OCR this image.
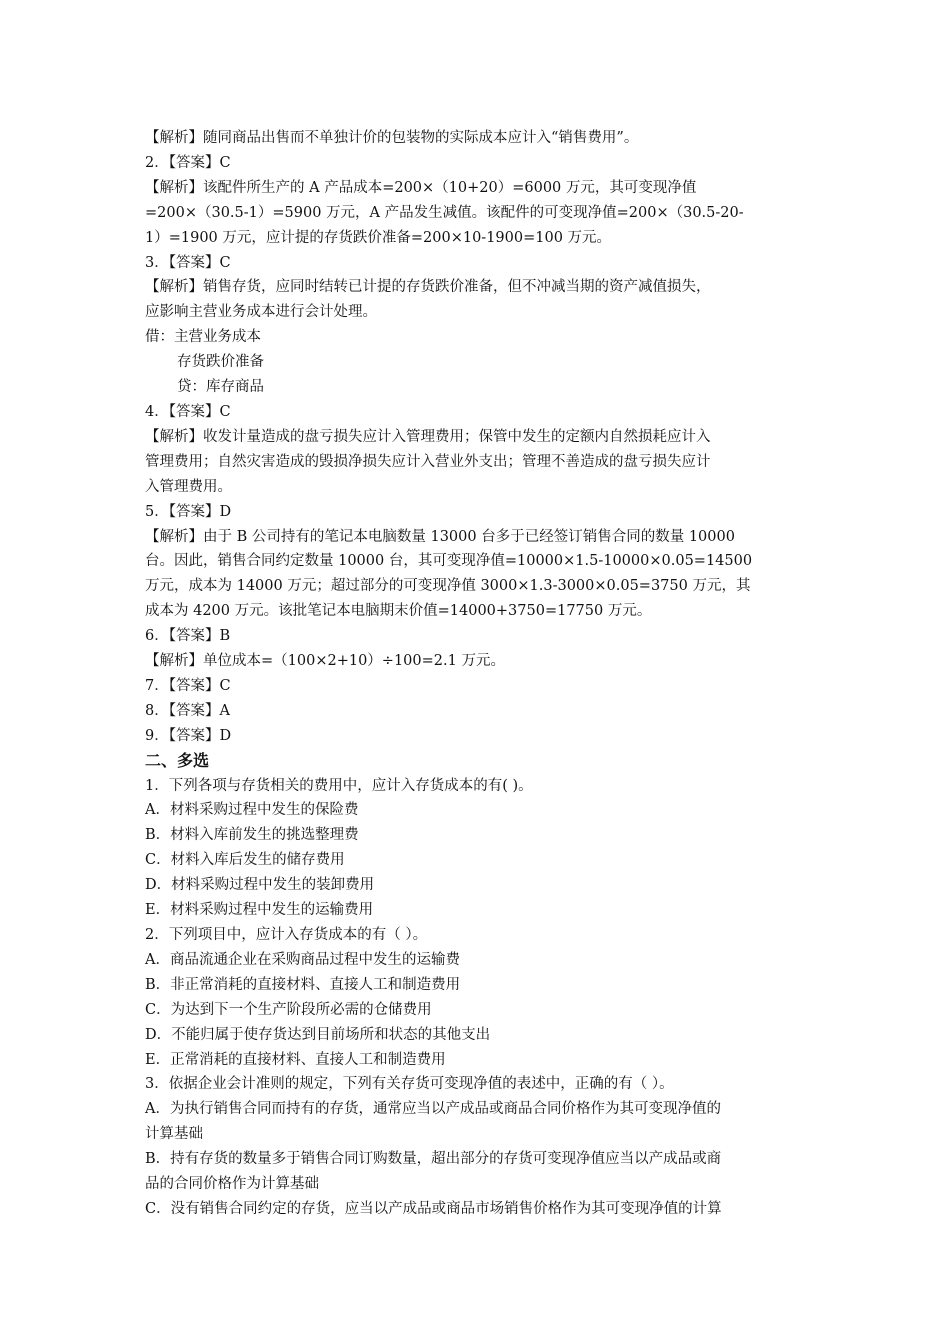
【解析】随同商品出售而不单独计价的包装物的实际成本应计入“销售费用”。
2．【答案】C
【解析】该配件所生产的 A 产品成本=200×（10+20）=6000 万元，其可变现净值
=200×（30.5-1）=5900 万元，A 产品发生减值。该配件的可变现净值=200×（30.5-20-
1）=1900 万元，应计提的存货跌价准备=200×10-1900=100 万元。
3．【答案】C
【解析】销售存货，应同时结转已计提的存货跌价准备，但不冲减当期的资产减值损失，
应影响主营业务成本进行会计处理。
借：主营业务成本
存货跌价准备
贷：库存商品
4．【答案】C
【解析】收发计量造成的盘亏损失应计入管理费用；保管中发生的定额内自然损耗应计入
管理费用；自然灾害造成的毁损净损失应计入营业外支出；管理不善造成的盘亏损失应计
入管理费用。
5．【答案】D
【解析】由于 B 公司持有的笔记本电脑数量 13000 台多于已经签订销售合同的数量 10000
台。因此，销售合同约定数量 10000 台，其可变现净值=10000×1.5-10000×0.05=14500
万元，成本为 14000 万元；超过部分的可变现净值 3000×1.3-3000×0.05=3750 万元，其
成本为 4200 万元。该批笔记本电脑期末价值=14000+3750=17750 万元。
6．【答案】B
【解析】单位成本=（100×2+10）÷100=2.1 万元。
7．【答案】C
8．【答案】A
9．【答案】D
二、多选
1．下列各项与存货相关的费用中，应计入存货成本的有( )。
A．材料采购过程中发生的保险费
B．材料入库前发生的挑选整理费
C．材料入库后发生的储存费用
D．材料采购过程中发生的装卸费用
E．材料采购过程中发生的运输费用
2．下列项目中，应计入存货成本的有（ ）。
A．商品流通企业在采购商品过程中发生的运输费
B．非正常消耗的直接材料、直接人工和制造费用
C．为达到下一个生产阶段所必需的仓储费用
D．不能归属于使存货达到目前场所和状态的其他支出
E．正常消耗的直接材料、直接人工和制造费用
3．依据企业会计准则的规定，下列有关存货可变现净值的表述中，正确的有（ ）。
A．为执行销售合同而持有的存货，通常应当以产成品或商品合同价格作为其可变现净值的
计算基础
B．持有存货的数量多于销售合同订购数量，超出部分的存货可变现净值应当以产成品或商
品的合同价格作为计算基础
C．没有销售合同约定的存货，应当以产成品或商品市场销售价格作为其可变现净值的计算
